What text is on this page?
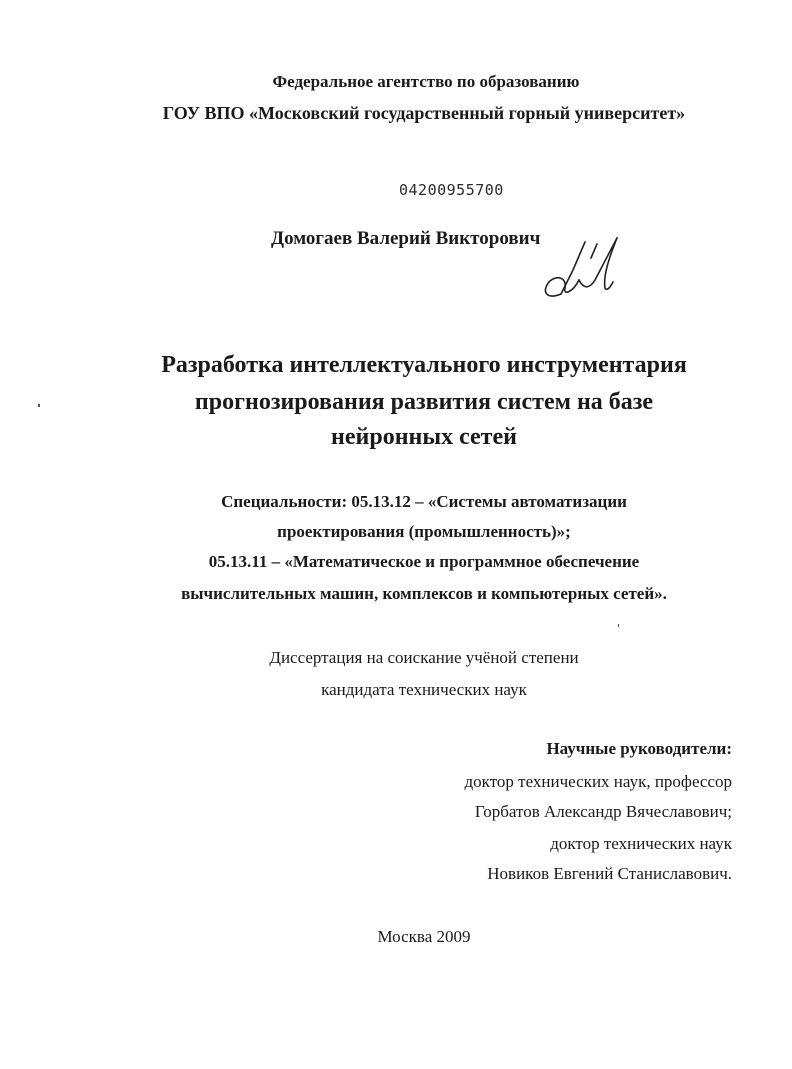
Федеральное агентство по образованию
ГОУ ВПО «Московский государственный горный университет»
04200955700
Домогаев Валерий Викторович
Разработка интеллектуального инструментария
прогнозирования развития систем на базе
нейронных сетей
Специальности: 05.13.12 – «Системы автоматизации
проектирования (промышленность)»;
05.13.11 – «Математическое и программное обеспечение
вычислительных машин, комплексов и компьютерных сетей».
Диссертация на соискание учёной степени
кандидата технических наук
Научные руководители:
доктор технических наук, профессор
Горбатов Александр Вячеславович;
доктор технических наук
Новиков Евгений Станиславович.
Москва 2009
